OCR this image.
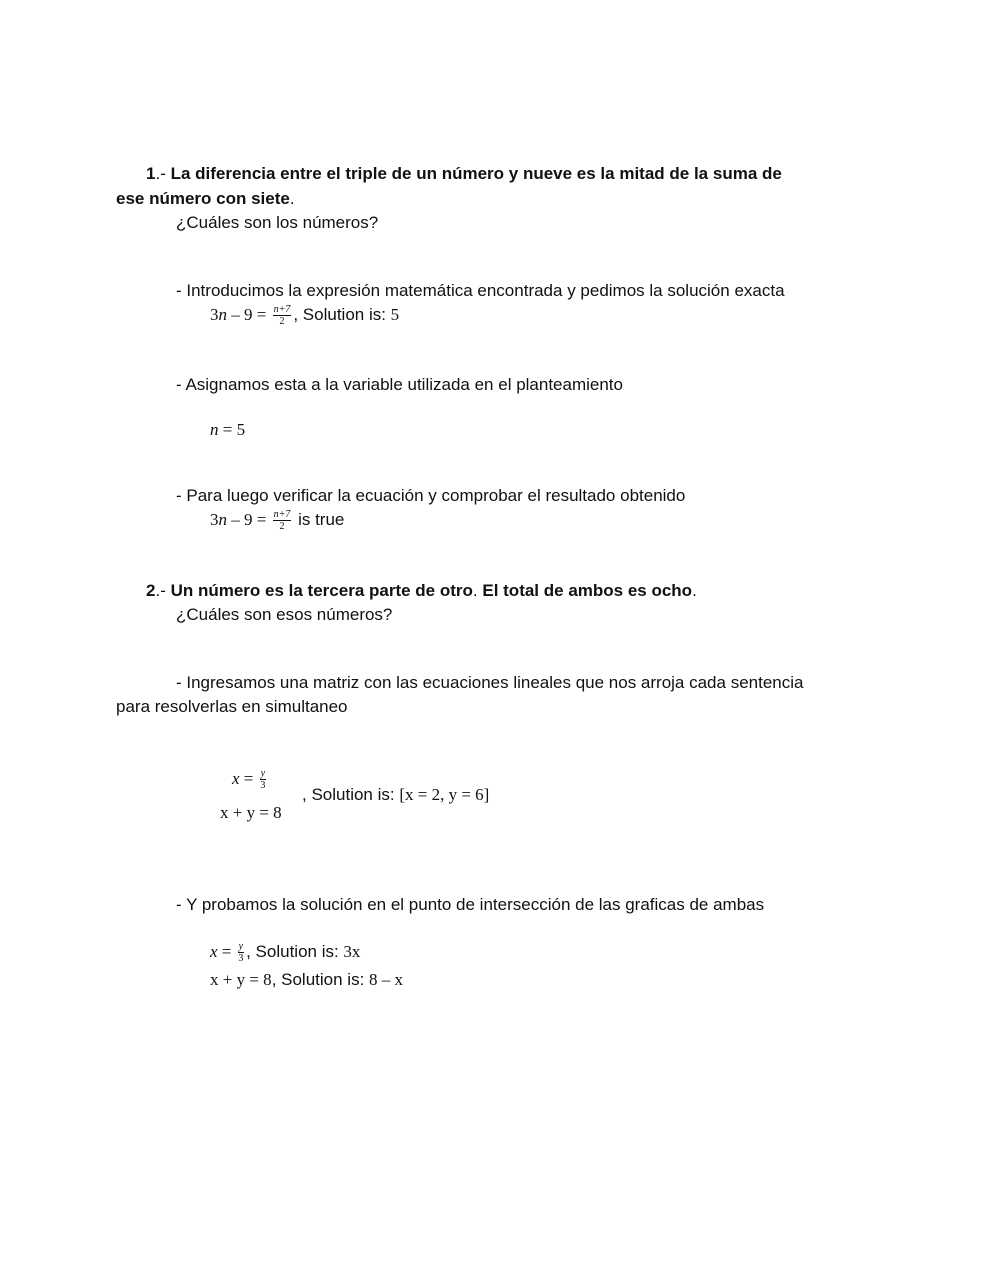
1.- La diferencia entre el triple de un número y nueve es la mitad de la suma de
ese número con siete.
¿Cuáles son los números?
- Introducimos la expresión matemática encontrada y pedimos la solución exacta
$3n - 9 = \frac{n+7}{2}$ , Solution is: 5
- Asignamos esta a la variable utilizada en el planteamiento
n = 5
- Para luego verificar la ecuación y comprobar el resultado obtenido
$3n - 9 = \frac{n+7}{2}$ is true
2.- Un número es la tercera parte de otro. El total de ambos es ocho.
¿Cuáles son esos números?
- Ingresamos una matriz con las ecuaciones lineales que nos arroja cada sentencia
para resolverlas en simultaneo
$x = \frac{y}{3}$
, Solution is: [x = 2, y = 6]
x + y = 8
- Y probamos la solución en el punto de intersección de las graficas de ambas
$x = \frac{y}{3}$ , Solution is: 3x
x + y = 8, Solution is: 8 – x
